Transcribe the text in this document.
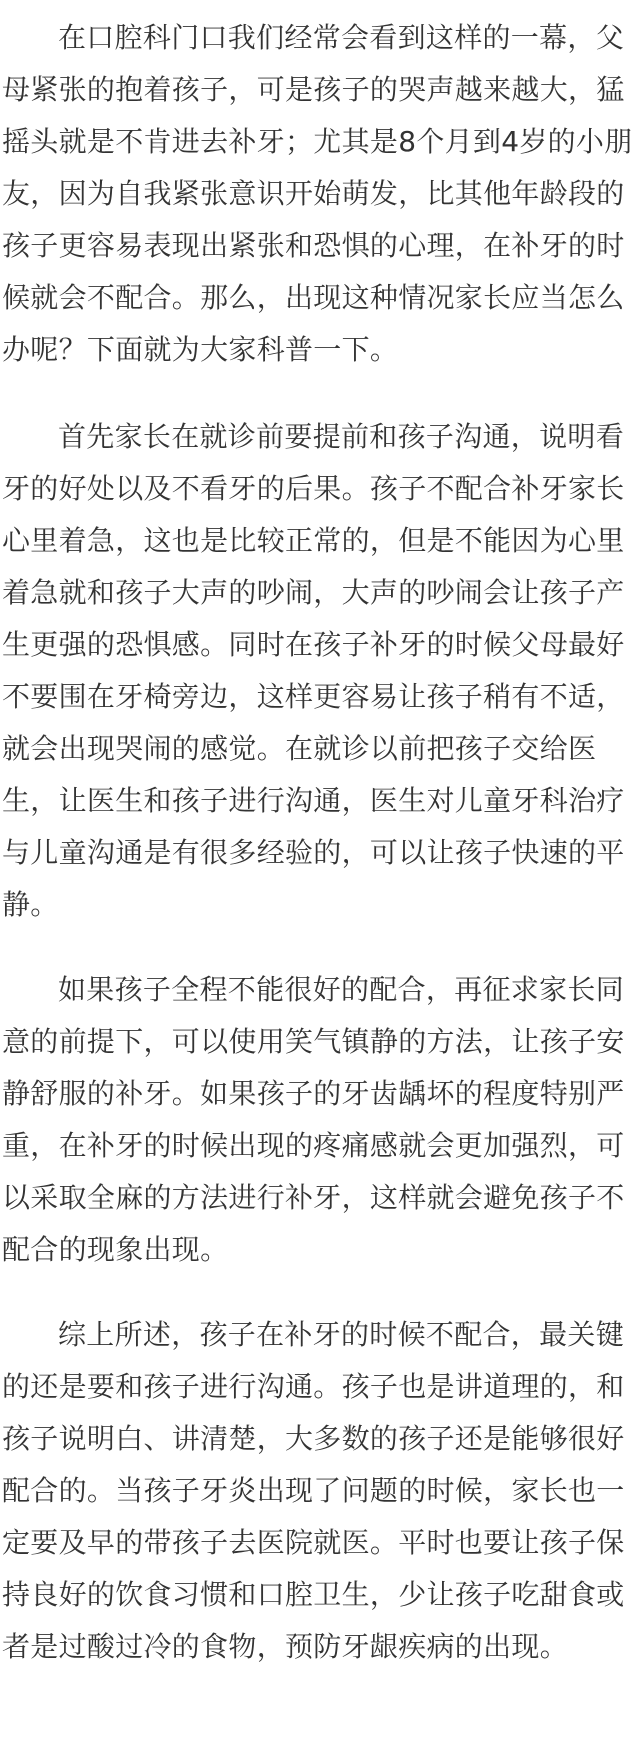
在口腔科门口我们经常会看到这样的一幕，父
母紧张的抱着孩子，可是孩子的哭声越来越大，猛
摇头就是不肯进去补牙；尤其是8个月到4岁的小朋
友，因为自我紧张意识开始萌发，比其他年龄段的
孩子更容易表现出紧张和恐惧的心理，在补牙的时
候就会不配合。那么，出现这种情况家长应当怎么
办呢？下面就为大家科普一下。
首先家长在就诊前要提前和孩子沟通，说明看
牙的好处以及不看牙的后果。孩子不配合补牙家长
心里着急，这也是比较正常的，但是不能因为心里
着急就和孩子大声的吵闹，大声的吵闹会让孩子产
生更强的恐惧感。同时在孩子补牙的时候父母最好
不要围在牙椅旁边，这样更容易让孩子稍有不适，
就会出现哭闹的感觉。在就诊以前把孩子交给医
生，让医生和孩子进行沟通，医生对儿童牙科治疗
与儿童沟通是有很多经验的，可以让孩子快速的平
静。
如果孩子全程不能很好的配合，再征求家长同
意的前提下，可以使用笑气镇静的方法，让孩子安
静舒服的补牙。如果孩子的牙齿龋坏的程度特别严
重，在补牙的时候出现的疼痛感就会更加强烈，可
以采取全麻的方法进行补牙，这样就会避免孩子不
配合的现象出现。
综上所述，孩子在补牙的时候不配合，最关键
的还是要和孩子进行沟通。孩子也是讲道理的，和
孩子说明白、讲清楚，大多数的孩子还是能够很好
配合的。当孩子牙炎出现了问题的时候，家长也一
定要及早的带孩子去医院就医。平时也要让孩子保
持良好的饮食习惯和口腔卫生，少让孩子吃甜食或
者是过酸过冷的食物，预防牙龈疾病的出现。
